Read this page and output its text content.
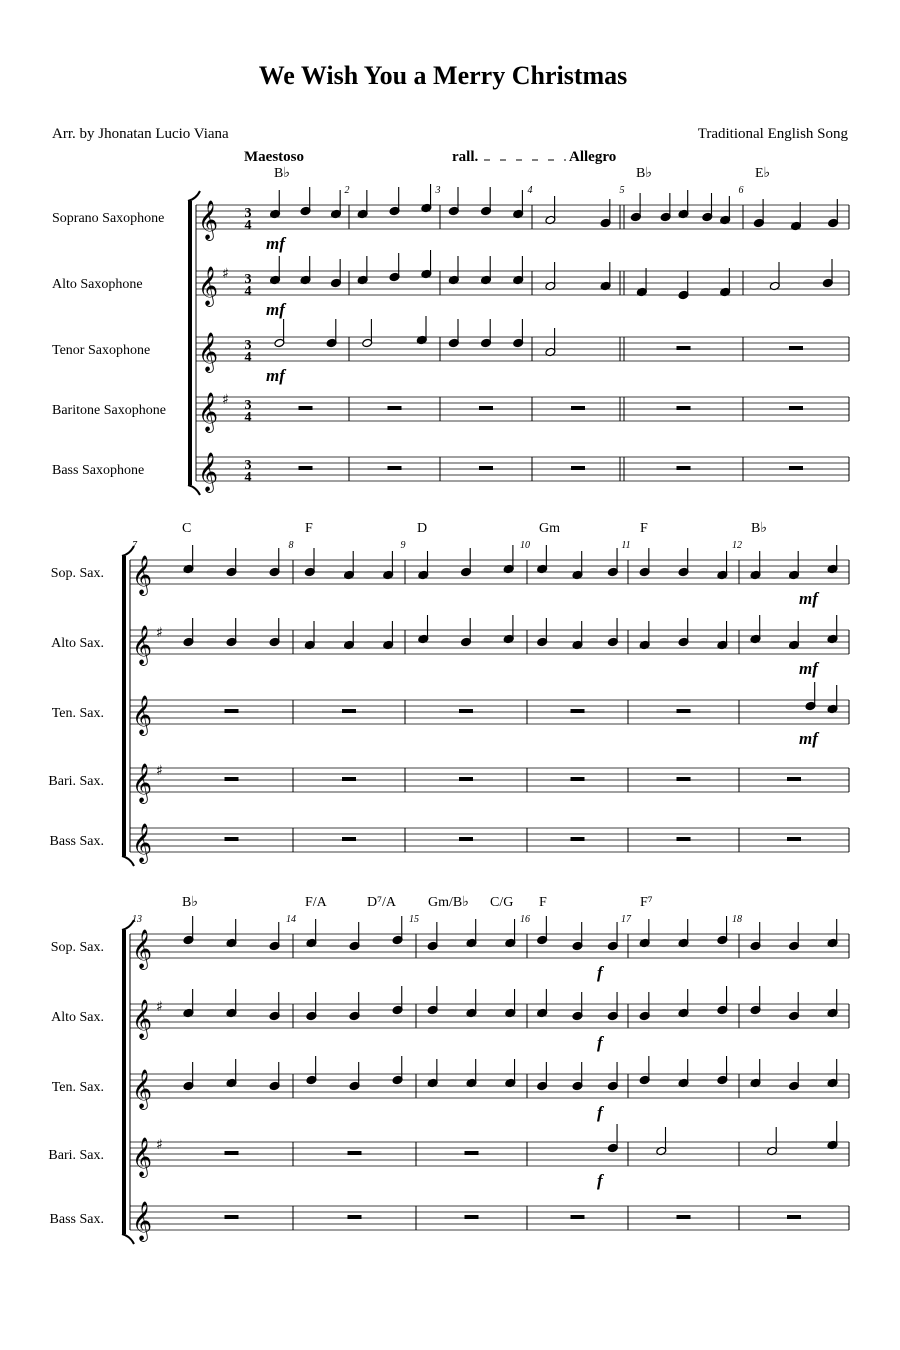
We Wish You a Merry Christmas
Arr. by Jhonatan Lucio Viana	Traditional English Song
Maestoso	rall.	Allegro
𝄞 3
4
Soprano Saxophone
𝄞 ♯ 3
4
Alto Saxophone
𝄞 3
4
Tenor Saxophone
𝄞 ♯ 3
4
Baritone Saxophone
𝄞 3
4
Bass Saxophone
2	3	4	5	6
B♭	B♭	E♭
mf
mf
mf
𝄞
Sop. Sax.
𝄞 ♯
Alto Sax.
𝄞
Ten. Sax.
𝄞 ♯
Bari. Sax.
𝄞
Bass Sax.
7	8	9	10	11	12
C	F	D	Gm	F	B♭
mf
mf
mf
𝄞
Sop. Sax.
𝄞 ♯
Alto Sax.
𝄞
Ten. Sax.
𝄞 ♯
Bari. Sax.
𝄞
Bass Sax.
13	14	15	16	17	18
B♭	F/A	D⁷/A Gm/B♭ C/G F	F⁷
f
f
f
f
